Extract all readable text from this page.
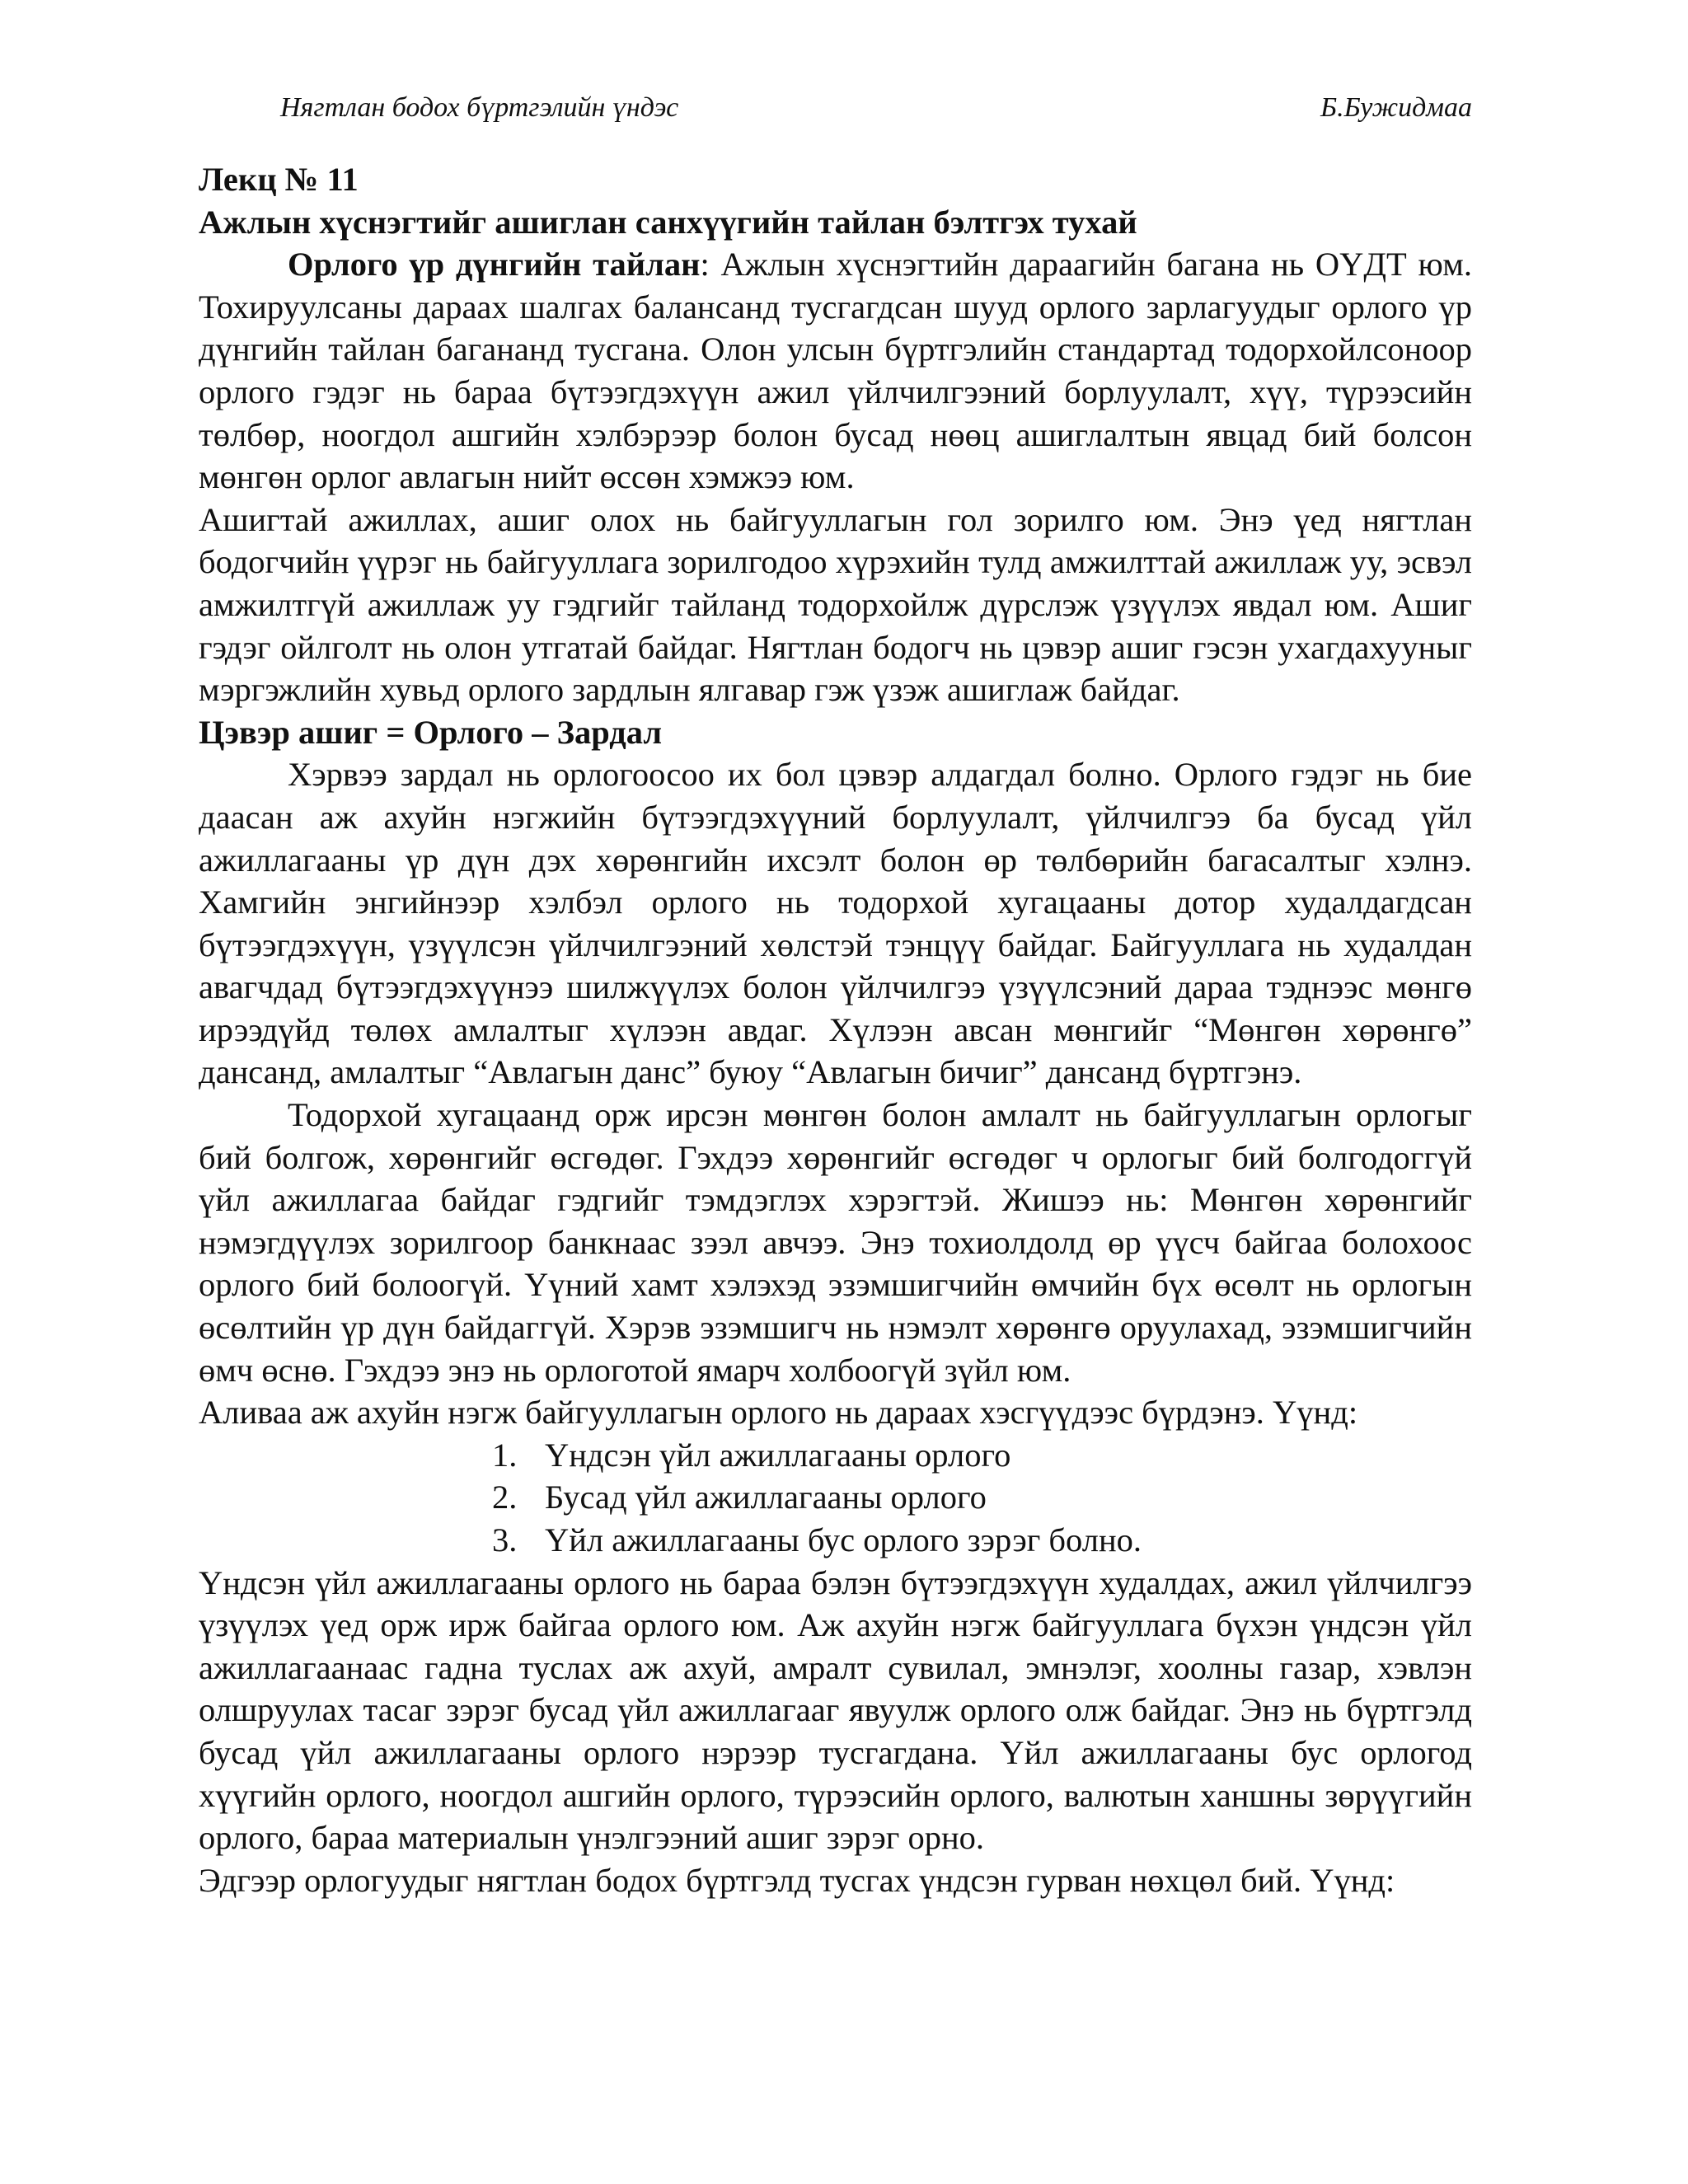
Нягтлан бодох бүртгэлийн үндэс	Б.Бужидмаа

Лекц № 11

Ажлын хүснэгтийг ашиглан санхүүгийн тайлан бэлтгэх тухай

Орлого үр дүнгийн тайлан: Ажлын хүснэгтийн дараагийн багана нь ОҮДТ юм. Тохируулсаны дараах шалгах балансанд тусгагдсан шууд орлого зарлагуудыг орлого үр дүнгийн тайлан багананд тусгана. Олон улсын бүртгэлийн стандартад тодорхойлсоноор орлого гэдэг нь бараа бүтээгдэхүүн ажил үйлчилгээний борлуулалт, хүү, түрээсийн төлбөр, ноогдол ашгийн хэлбэрээр болон бусад нөөц ашиглалтын явцад бий болсон мөнгөн орлог авлагын нийт өссөн хэмжээ юм.

Ашигтай ажиллах, ашиг олох нь байгууллагын гол зорилго юм. Энэ үед нягтлан бодогчийн үүрэг нь байгууллага зорилгодоо хүрэхийн тулд амжилттай ажиллаж уу, эсвэл амжилтгүй ажиллаж уу гэдгийг тайланд тодорхойлж дүрслэж үзүүлэх явдал юм. Ашиг гэдэг ойлголт нь олон утгатай байдаг. Нягтлан бодогч нь цэвэр ашиг гэсэн ухагдахууныг мэргэжлийн хувьд орлого зардлын ялгавар гэж үзэж ашиглаж байдаг.

Цэвэр ашиг = Орлого – Зардал

Хэрвээ зардал нь орлогоосоо их бол цэвэр алдагдал болно. Орлого гэдэг нь бие даасан аж ахуйн нэгжийн бүтээгдэхүүний борлуулалт, үйлчилгээ ба бусад үйл ажиллагааны үр дүн дэх хөрөнгийн ихсэлт болон өр төлбөрийн багасалтыг хэлнэ. Хамгийн энгийнээр хэлбэл орлого нь тодорхой хугацааны дотор худалдагдсан бүтээгдэхүүн, үзүүлсэн үйлчилгээний хөлстэй тэнцүү байдаг. Байгууллага нь худалдан авагчдад бүтээгдэхүүнээ шилжүүлэх болон үйлчилгээ үзүүлсэний дараа тэднээс мөнгө ирээдүйд төлөх амлалтыг хүлээн авдаг. Хүлээн авсан мөнгийг “Мөнгөн хөрөнгө” дансанд, амлалтыг “Авлагын данс” буюу “Авлагын бичиг” дансанд бүртгэнэ.

Тодорхой хугацаанд орж ирсэн мөнгөн болон амлалт нь байгууллагын орлогыг бий болгож, хөрөнгийг өсгөдөг. Гэхдээ хөрөнгийг өсгөдөг ч орлогыг бий болгодоггүй үйл ажиллагаа байдаг гэдгийг тэмдэглэх хэрэгтэй. Жишээ нь: Мөнгөн хөрөнгийг нэмэгдүүлэх зорилгоор банкнаас зээл авчээ. Энэ тохиолдолд өр үүсч байгаа болохоос орлого бий болоогүй. Үүний хамт хэлэхэд эзэмшигчийн өмчийн бүх өсөлт нь орлогын өсөлтийн үр дүн байдаггүй. Хэрэв эзэмшигч нь нэмэлт хөрөнгө оруулахад, эзэмшигчийн өмч өснө. Гэхдээ энэ нь орлоготой ямарч холбоогүй зүйл юм.

Аливаа аж ахуйн нэгж байгууллагын орлого нь дараах хэсгүүдээс бүрдэнэ. Үүнд:

1. Үндсэн үйл ажиллагааны орлого
2. Бусад үйл ажиллагааны орлого
3. Үйл ажиллагааны бус орлого зэрэг болно.

Үндсэн үйл ажиллагааны орлого нь бараа бэлэн бүтээгдэхүүн худалдах, ажил үйлчилгээ үзүүлэх үед орж ирж байгаа орлого юм. Аж ахуйн нэгж байгууллага бүхэн үндсэн үйл ажиллагаанаас гадна туслах аж ахуй, амралт сувилал, эмнэлэг, хоолны газар, хэвлэн олшруулах тасаг зэрэг бусад үйл ажиллагааг явуулж орлого олж байдаг. Энэ нь бүртгэлд бусад үйл ажиллагааны орлого нэрээр тусгагдана. Үйл ажиллагааны бус орлогод хүүгийн орлого, ноогдол ашгийн орлого, түрээсийн орлого, валютын ханшны зөрүүгийн орлого, бараа материалын үнэлгээний ашиг зэрэг орно.

Эдгээр орлогуудыг нягтлан бодох бүртгэлд тусгах үндсэн гурван нөхцөл бий. Үүнд:
